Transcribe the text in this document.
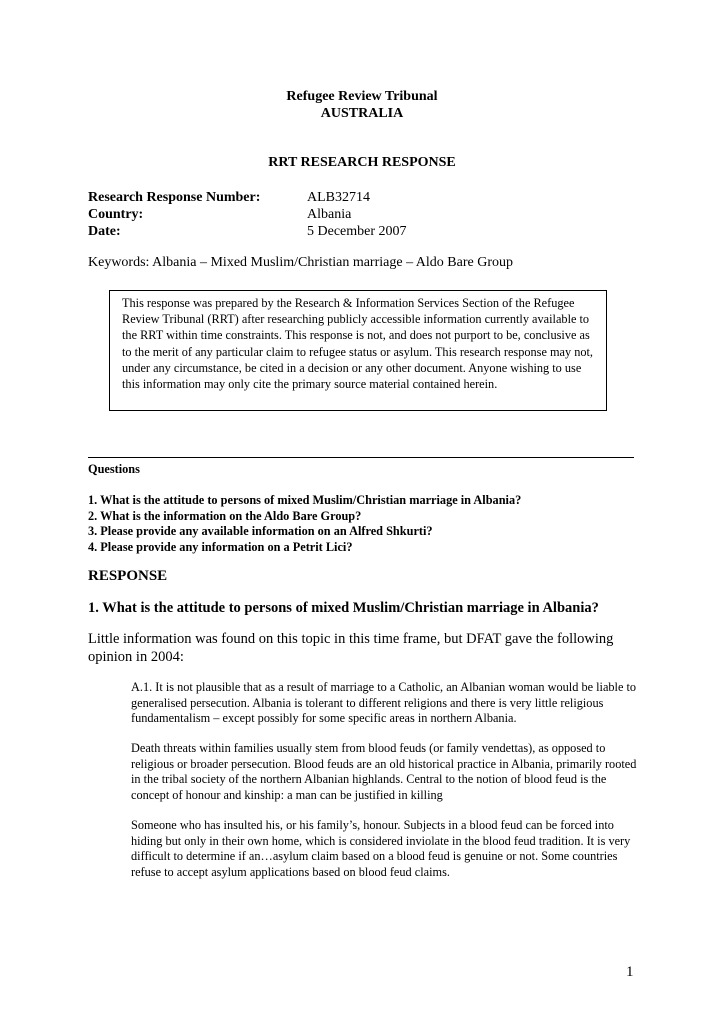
Refugee Review Tribunal
AUSTRALIA
RRT RESEARCH RESPONSE
Research Response Number:	ALB32714
Country:	Albania
Date:	5 December 2007
Keywords: Albania – Mixed Muslim/Christian marriage – Aldo Bare Group
This response was prepared by the Research & Information Services Section of the Refugee Review Tribunal (RRT) after researching publicly accessible information currently available to the RRT within time constraints. This response is not, and does not purport to be, conclusive as to the merit of any particular claim to refugee status or asylum. This research response may not, under any circumstance, be cited in a decision or any other document. Anyone wishing to use this information may only cite the primary source material contained herein.
Questions
1. What is the attitude to persons of mixed Muslim/Christian marriage in Albania?
2. What is the information on the Aldo Bare Group?
3. Please provide any available information on an Alfred Shkurti?
4. Please provide any information on a Petrit Lici?
RESPONSE
1. What is the attitude to persons of mixed Muslim/Christian marriage in Albania?
Little information was found on this topic in this time frame, but DFAT gave the following opinion in 2004:
A.1. It is not plausible that as a result of marriage to a Catholic, an Albanian woman would be liable to generalised persecution. Albania is tolerant to different religions and there is very little religious fundamentalism – except possibly for some specific areas in northern Albania.
Death threats within families usually stem from blood feuds (or family vendettas), as opposed to religious or broader persecution. Blood feuds are an old historical practice in Albania, primarily rooted in the tribal society of the northern Albanian highlands. Central to the notion of blood feud is the concept of honour and kinship: a man can be justified in killing
Someone who has insulted his, or his family’s, honour. Subjects in a blood feud can be forced into hiding but only in their own home, which is considered inviolate in the blood feud tradition. It is very difficult to determine if an…asylum claim based on a blood feud is genuine or not. Some countries refuse to accept asylum applications based on blood feud claims.
1
